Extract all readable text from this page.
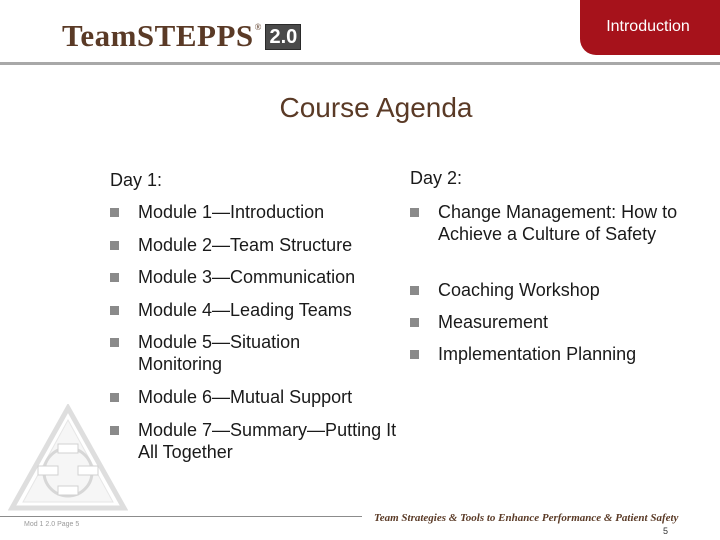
TeamSTEPPS ® 2.0	Introduction
Course Agenda
Day 1:
Module 1—Introduction
Module 2—Team Structure
Module 3—Communication
Module 4—Leading Teams
Module 5—Situation Monitoring
Module 6—Mutual Support
Module 7—Summary—Putting It All Together
Day 2:
Change Management: How to Achieve a Culture of Safety
Coaching Workshop
Measurement
Implementation Planning
Mod 1 2.0 Page 5
Team Strategies & Tools to Enhance Performance & Patient Safety
5
